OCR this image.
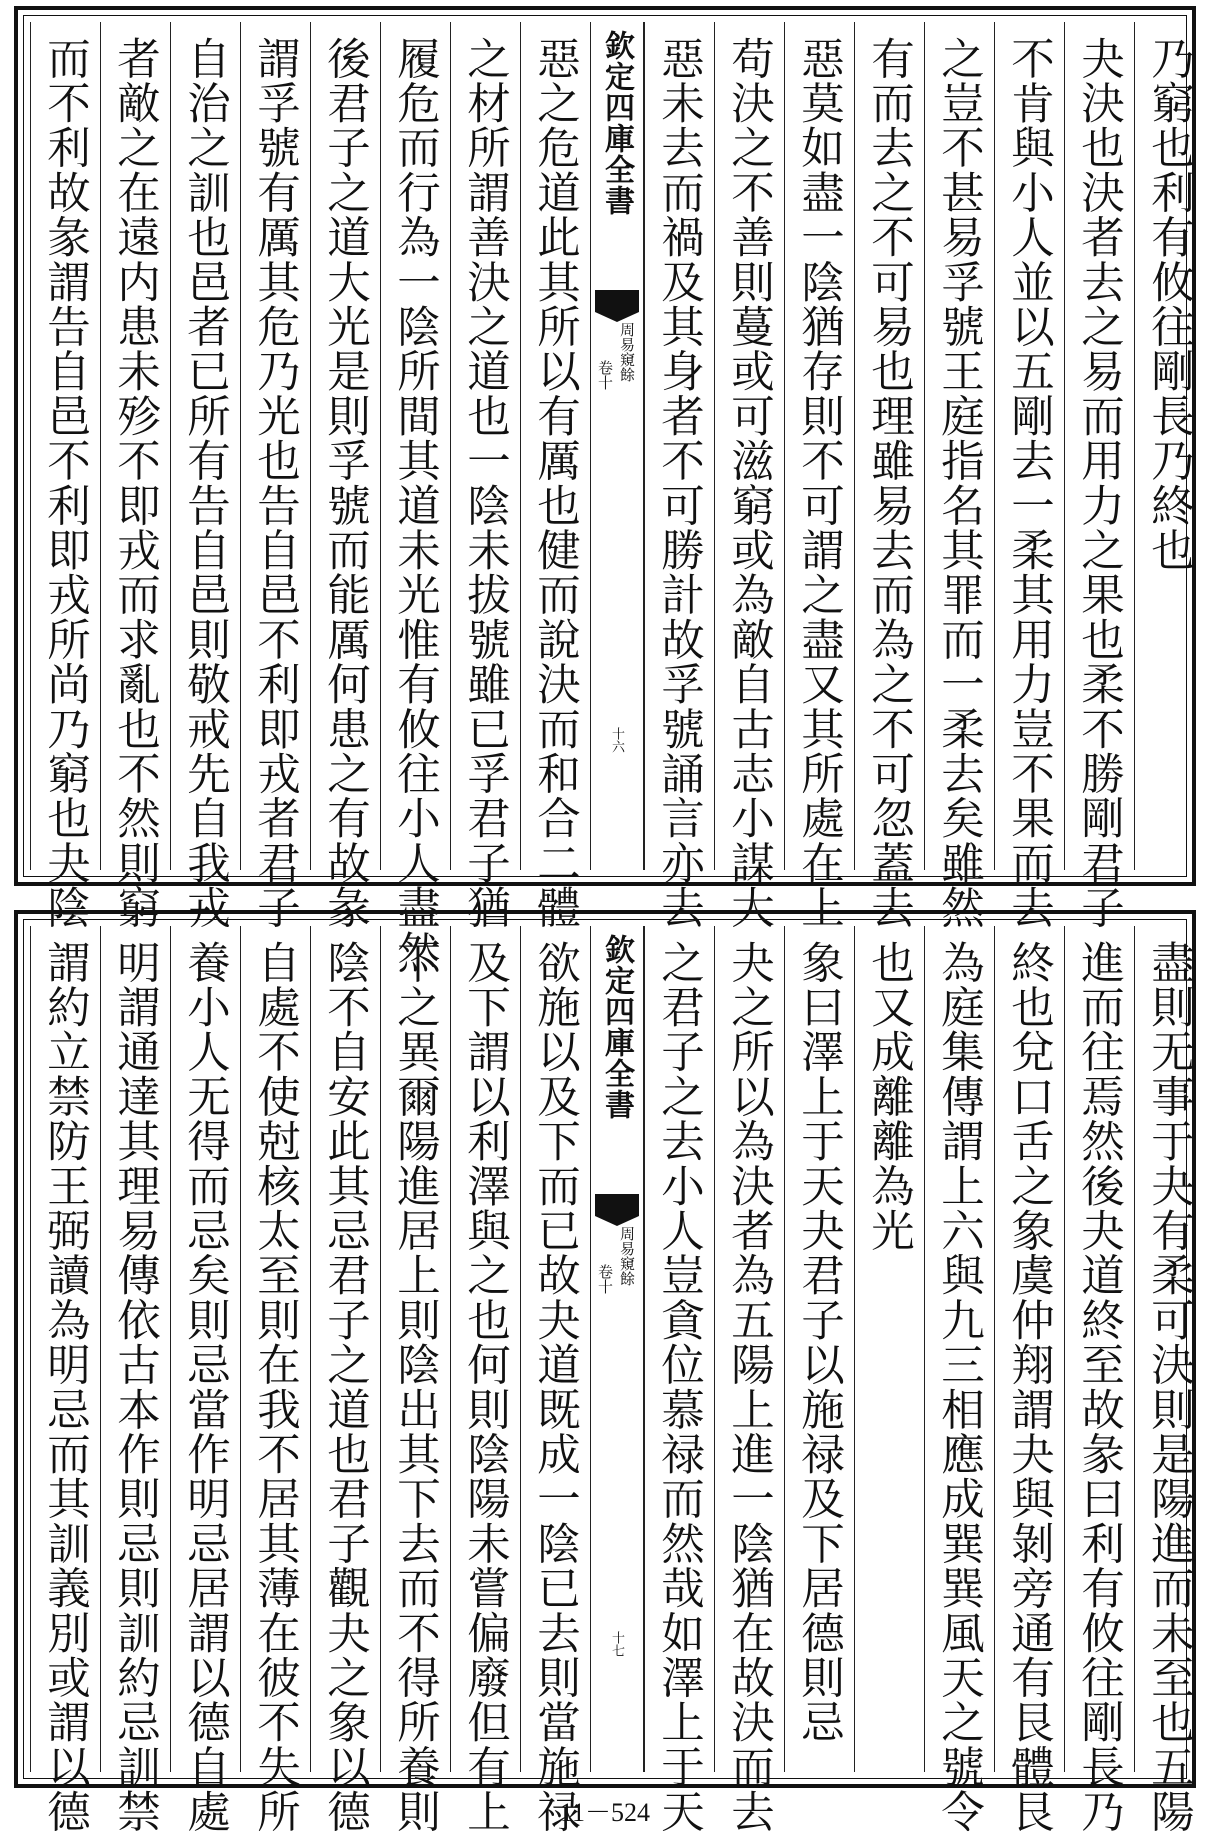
惡之危道此其所以有厲也健而說決而和合二體
之材所謂善決之道也一陰未拔號雖已孚君子猶
履危而行為一陰所間其道未光惟有攸往小人盡然
後君子之道大光是則孚號而能厲何患之有故彖
謂孚號有厲其危乃光也告自邑不利即戎者君子
自治之訓也邑者已所有告自邑則敬戒先自我戎
者敵之在遠内患未殄不即戎而求亂也不然則窮
而不利故彖謂告自邑不利即戎所尚乃窮也夬陰	欽定四庫全書
周易窺餘
卷十
十六
乃窮也利有攸往剛長乃終也
夬決也決者去之易而用力之果也柔不勝剛君子
不肯與小人並以五剛去一柔其用力豈不果而去
之豈不甚易孚號王庭指名其罪而一柔去矣雖然
有而去之不可易也理雖易去而為之不可忽蓋去
惡莫如盡一陰猶存則不可謂之盡又其所處在上
苟決之不善則蔓或可滋窮或為敵自古志小謀大
惡未去而禍及其身者不可勝計故孚號誦言亦去
欲施以及下而已故夬道既成一陰已去則當施禄
及下謂以利澤與之也何則陰陽未嘗偏廢但有上
下之異爾陽進居上則陰出其下去而不得所養則
陰不自安此其忌君子之道也君子觀夬之象以德
自處不使尅核太至則在我不居其薄在彼不失所
養小人无得而忌矣則忌當作明忌居謂以德自處
明謂通達其理易傳依古本作則忌則訓約忌訓禁
謂約立禁防王弼讀為明忌而其訓義別或謂以德	欽定四庫全書
周易窺餘
卷十
十七	盡則无事于夬有柔可決則是陽進而未至也五陽
進而往焉然後夬道終至故彖曰利有攸往剛長乃
終也兌口舌之象虞仲翔謂夬與剝旁通有艮體艮
為庭集傳謂上六與九三相應成巽巽風天之號令
也又成離離為光
象曰澤上于天夬君子以施禄及下居德則忌
夬之所以為決者為五陽上進一陰猶在故決而去
之君子之去小人豈貪位慕禄而然哉如澤上于天
11－524
